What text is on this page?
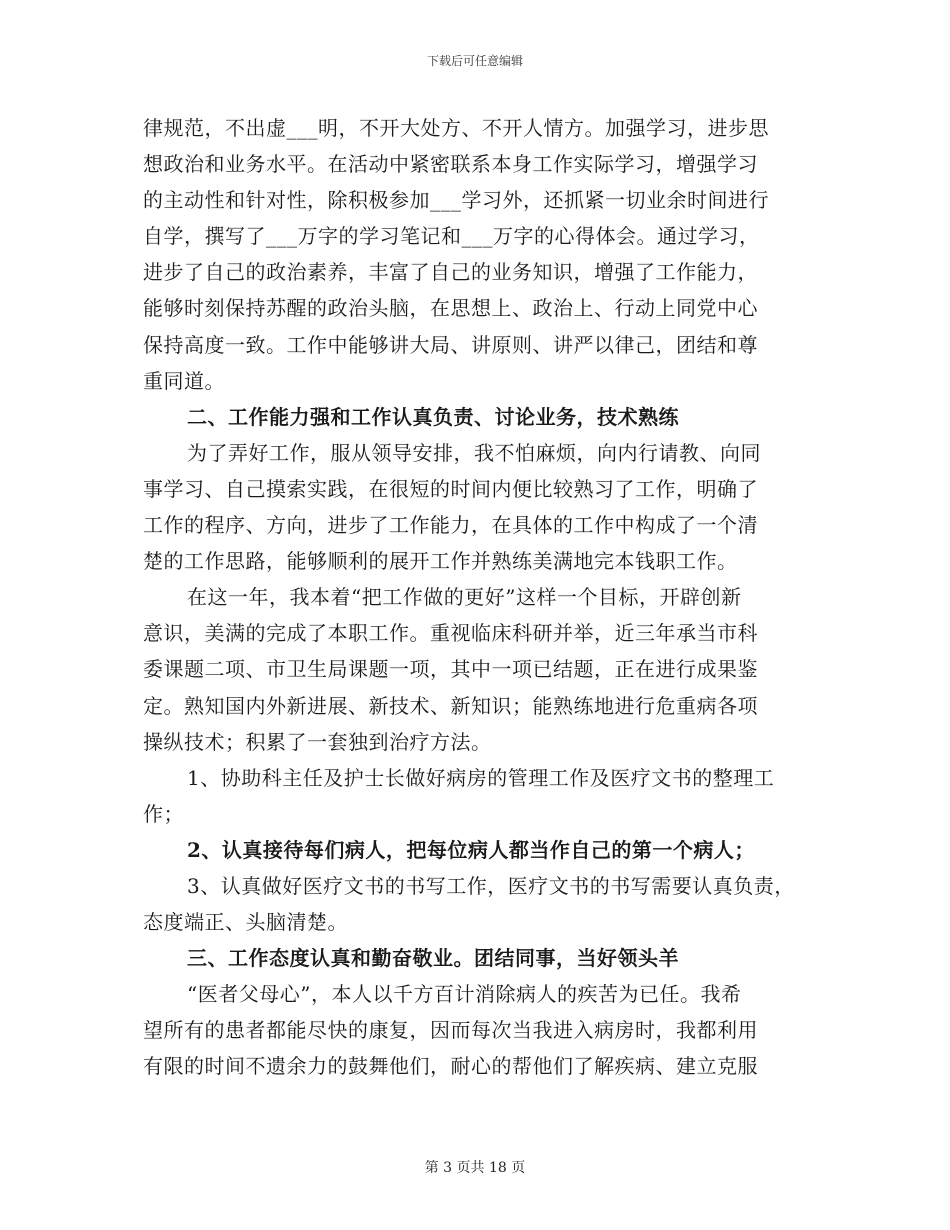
下载后可任意编辑
律规范，不出虚___明，不开大处方、不开人情方。加强学习，进步思
想政治和业务水平。在活动中紧密联系本身工作实际学习，增强学习
的主动性和针对性，除积极参加___学习外，还抓紧一切业余时间进行
自学，撰写了___万字的学习笔记和___万字的心得体会。通过学习，
进步了自己的政治素养，丰富了自己的业务知识，增强了工作能力，
能够时刻保持苏醒的政治头脑，在思想上、政治上、行动上同党中心
保持高度一致。工作中能够讲大局、讲原则、讲严以律己，团结和尊
重同道。
二、工作能力强和工作认真负责、讨论业务，技术熟练
为了弄好工作，服从领导安排，我不怕麻烦，向内行请教、向同
事学习、自己摸索实践，在很短的时间内便比较熟习了工作，明确了
工作的程序、方向，进步了工作能力，在具体的工作中构成了一个清
楚的工作思路，能够顺利的展开工作并熟练美满地完本钱职工作。
在这一年，我本着“把工作做的更好”这样一个目标，开辟创新
意识，美满的完成了本职工作。重视临床科研并举，近三年承当市科
委课题二项、市卫生局课题一项，其中一项已结题，正在进行成果鉴
定。熟知国内外新进展、新技术、新知识；能熟练地进行危重病各项
操纵技术；积累了一套独到治疗方法。
1、协助科主任及护士长做好病房的管理工作及医疗文书的整理工
作；
2、认真接待每们病人，把每位病人都当作自己的第一个病人；
3、认真做好医疗文书的书写工作，医疗文书的书写需要认真负责，
态度端正、头脑清楚。
三、工作态度认真和勤奋敬业。团结同事，当好领头羊
“医者父母心”，本人以千方百计消除病人的疾苦为已任。我希
望所有的患者都能尽快的康复，因而每次当我进入病房时，我都利用
有限的时间不遗余力的鼓舞他们，耐心的帮他们了解疾病、建立克服
第 3 页共 18 页
